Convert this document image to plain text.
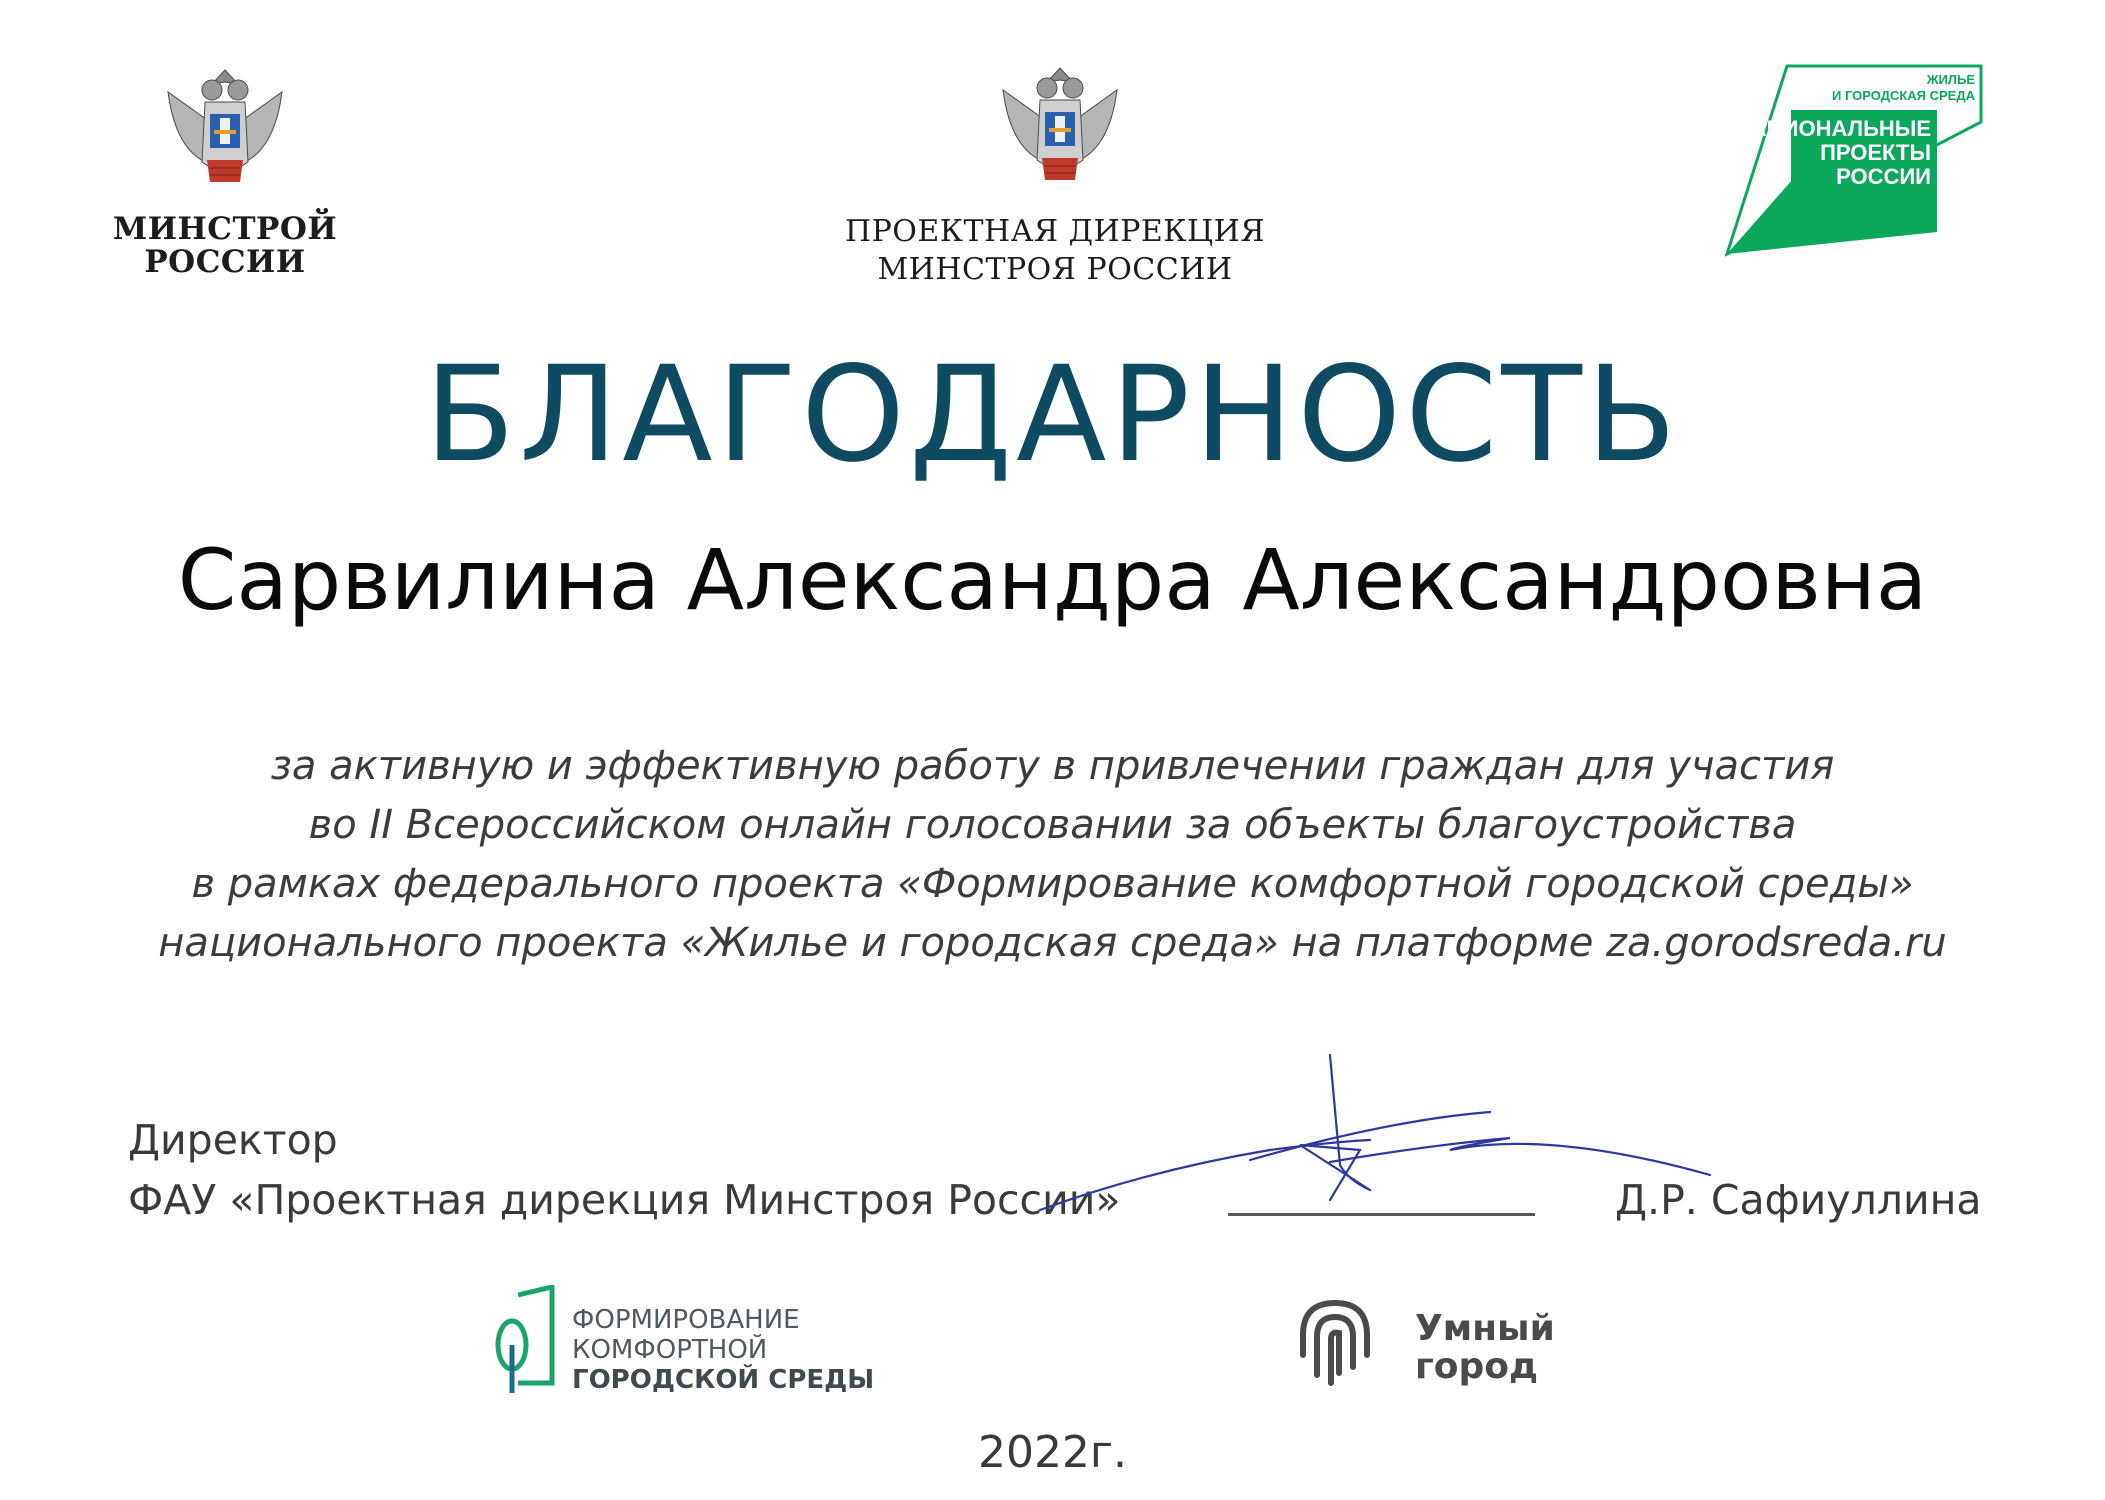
МИНСТРОЙ
РОССИИ
ПРОЕКТНАЯ ДИРЕКЦИЯ
МИНСТРОЯ РОССИИ
ЖИЛЬЕ
И ГОРОДСКАЯ СРЕДА
НАЦИОНАЛЬНЫЕ
ПРОЕКТЫ
РОССИИ
БЛАГОДАРНОСТЬ
Сарвилина Александра Александровна
за активную и эффективную работу в привлечении граждан для участия
во II Всероссийском онлайн голосовании за объекты благоустройства
в рамках федерального проекта «Формирование комфортной городской среды»
национального проекта «Жилье и городская среда» на платформе za.gorodsreda.ru
Директор
ФАУ «Проектная дирекция Минстроя России»	Д.Р. Сафиуллина
ФОРМИРОВАНИЕ
КОМФОРТНОЙ
ГОРОДСКОЙ СРЕДЫ
Умный
город
2022г.
